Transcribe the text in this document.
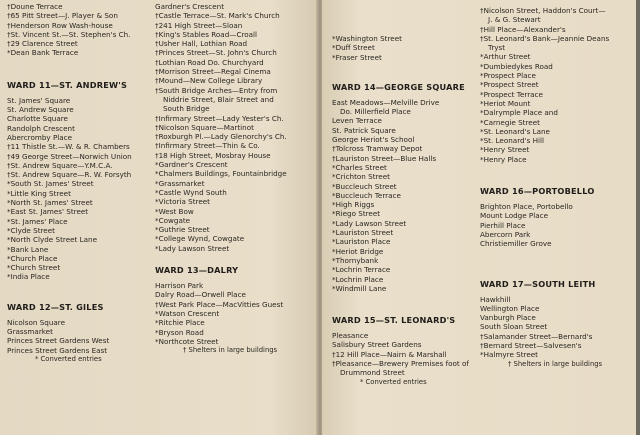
†Doune Terrace
†65 Pitt Street—J. Player & Son
†Henderson Row Wash-house
†St. Vincent St.—St. Stephen's Ch.
†29 Clarence Street
*Dean Bank Terrace
WARD 11—ST. ANDREW'S
St. James' Square
St. Andrew Square
Charlotte Square
Randolph Crescent
Abercromby Place
†11 Thistle St.—W. & R. Chambers
†49 George Street—Norwich Union
†St. Andrew Square—Y.M.C.A.
†St. Andrew Square—R. W. Forsyth
*South St. James' Street
*Little King Street
*North St. James' Street
*East St. James' Street
*St. James' Place
*Clyde Street
*North Clyde Street Lane
*Bank Lane
*Church Place
*Church Street
*India Place
WARD 12—ST. GILES
Nicolson Square
Grassmarket
Princes Street Gardens West
Princes Street Gardens East
* Converted entries
Gardner's Crescent
†Castle Terrace—St. Mark's Church
†241 High Street—Sloan
†King's Stables Road—Croall
†Usher Hall, Lothian Road
†Princes Street—St. John's Church
†Lothian Road Do. Churchyard
†Morrison Street—Regal Cinema
†Mound—New College Library
†South Bridge Arches—Entry from
Niddrie Street, Blair Street and
South Bridge
†Infirmary Street—Lady Yester's Ch.
†Nicolson Square—Martinot
†Roxburgh Pl.—Lady Glenorchy's Ch.
†Infirmary Street—Thin & Co.
†18 High Street, Mosbray House
*Gardner's Crescent
*Chalmers Buildings, Fountainbridge
*Grassmarket
*Castle Wynd South
*Victoria Street
*West Bow
*Cowgate
*Guthrie Street
*College Wynd, Cowgate
*Lady Lawson Street
WARD 13—DALRY
Harrison Park
Dalry Road—Orwell Place
†West Park Place—MacVitties Guest
*Watson Crescent
*Ritchie Place
*Bryson Road
*Northcote Street
† Shelters in large buildings
*Washington Street
*Duff Street
*Fraser Street
WARD 14—GEORGE SQUARE
East Meadows—Melville Drive
Do. Millerfield Place
Leven Terrace
St. Patrick Square
George Heriot's School
†Tolcross Tramway Depot
†Lauriston Street—Blue Halls
*Charles Street
*Crichton Street
*Buccleuch Street
*Buccleuch Terrace
*High Riggs
*Riego Street
*Lady Lawson Street
*Lauriston Street
*Lauriston Place
*Heriot Bridge
*Thornybank
*Lochrin Terrace
*Lochrin Place
*Windmill Lane
WARD 15—ST. LEONARD'S
Pleasance
Salisbury Street Gardens
†12 Hill Place—Nairn & Marshall
†Pleasance—Brewery Premises foot of
Drummond Street
* Converted entries
†Nicolson Street, Haddon's Court—
J. & G. Stewart
†Hill Place—Alexander's
†St. Leonard's Bank—Jeannie Deans
Tryst
*Arthur Street
*Dumbiedykes Road
*Prospect Place
*Prospect Street
*Prospect Terrace
*Heriot Mount
*Dalrymple Place and
*Carnegie Street
*St. Leonard's Lane
*St. Leonard's Hill
*Henry Street
*Henry Place
WARD 16—PORTOBELLO
Brighton Place, Portobello
Mount Lodge Place
Pierhill Place
Abercorn Park
Christiemiller Grove
WARD 17—SOUTH LEITH
Hawkhill
Wellington Place
Vanburgh Place
South Sloan Street
†Salamander Street—Bernard's
†Bernard Street—Salvesen's
*Halmyre Street
† Shelters in large buildings
